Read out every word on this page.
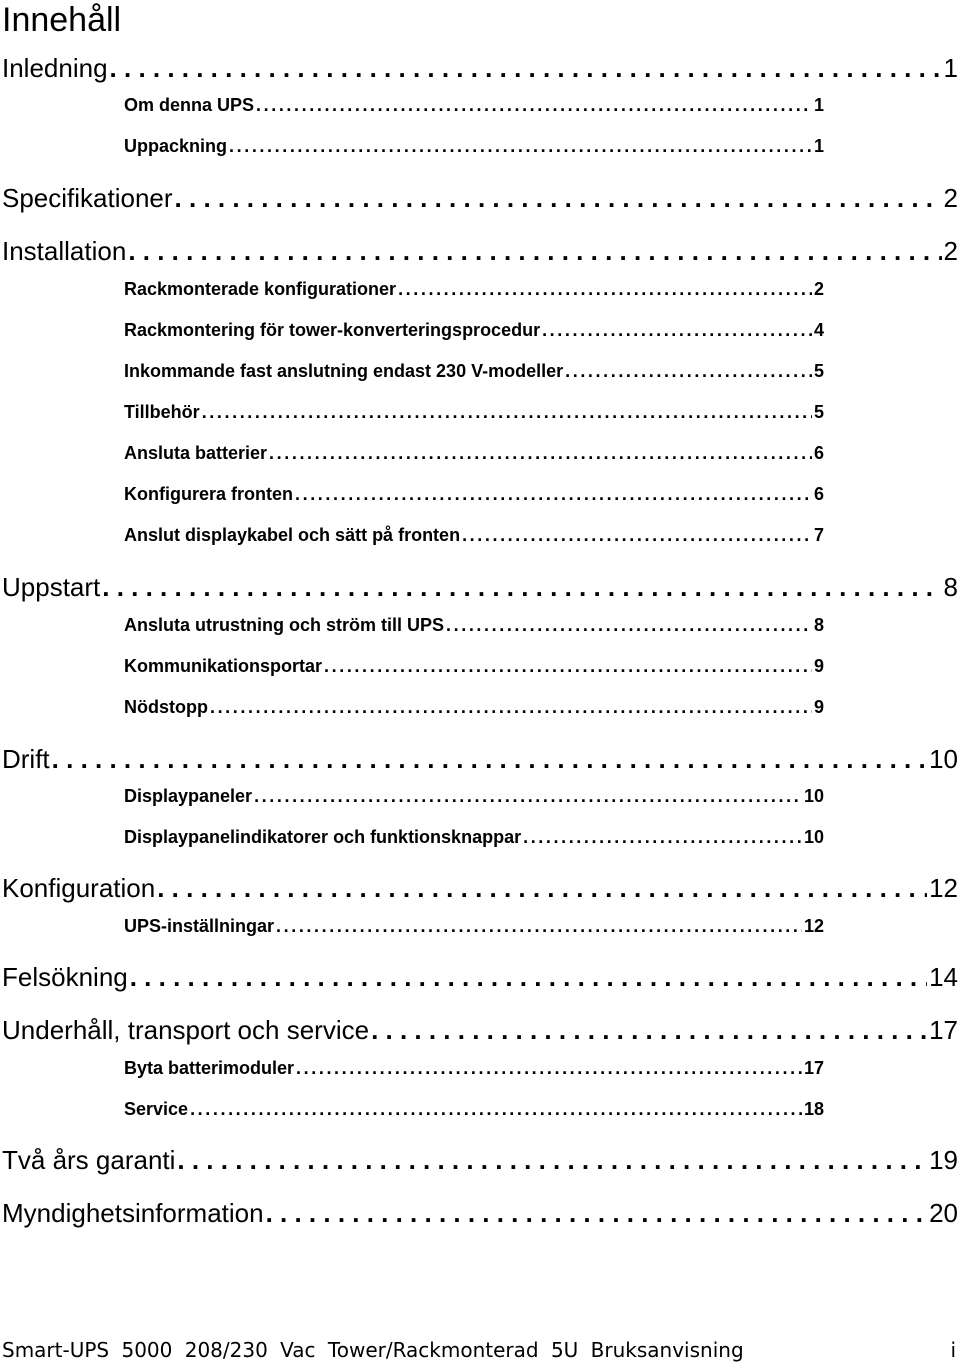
Innehåll
Inledning . . .	1
Om denna UPS .....	1
Uppackning .....	1
Specifikationer . . .	2
Installation . . .	2
Rackmonterade konfigurationer .....	2
Rackmontering för tower-konverteringsprocedur .....	4
Inkommande fast anslutning endast 230 V-modeller .....	5
Tillbehör .....	5
Ansluta batterier .....	6
Konfigurera fronten .....	6
Anslut displaykabel och sätt på fronten .....	7
Uppstart . . .	8
Ansluta utrustning och ström till UPS .....	8
Kommunikationsportar .....	9
Nödstopp .....	9
Drift . . .	10
Displaypaneler .....	10
Displaypanelindikatorer och funktionsknappar .....	10
Konfiguration . . .	12
UPS-inställningar .....	12
Felsökning . . .	14
Underhåll, transport och service . . .	17
Byta batterimoduler .....	17
Service .....	18
Två års garanti . . .	19
Myndighetsinformation . . .	20
Smart-UPS 5000 208/230 Vac Tower/Rackmonterad 5U Bruksanvisning	i
